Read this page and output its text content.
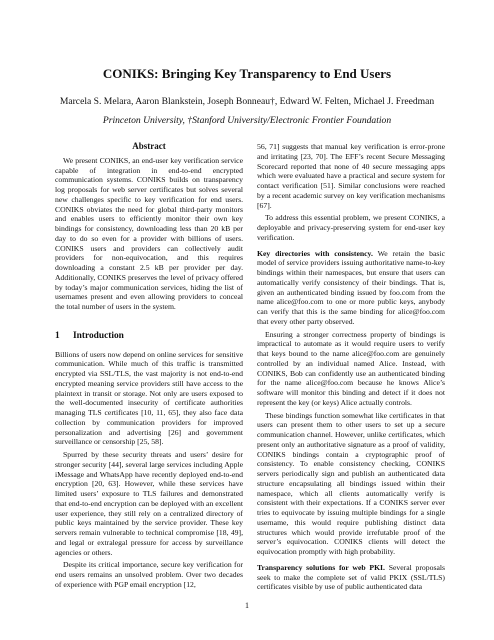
CONIKS: Bringing Key Transparency to End Users
Marcela S. Melara, Aaron Blankstein, Joseph Bonneau†, Edward W. Felten, Michael J. Freedman
Princeton University, †Stanford University/Electronic Frontier Foundation
Abstract

We present CONIKS, an end-user key verification service capable of integration in end-to-end encrypted communication systems. CONIKS builds on transparency log proposals for web server certificates but solves several new challenges specific to key verification for end users. CONIKS obviates the need for global third-party monitors and enables users to efficiently monitor their own key bindings for consistency, downloading less than 20 kB per day to do so even for a provider with billions of users. CONIKS users and providers can collectively audit providers for non-equivocation, and this requires downloading a constant 2.5 kB per provider per day. Additionally, CONIKS preserves the level of privacy offered by today’s major communication services, hiding the list of usernames present and even allowing providers to conceal the total number of users in the system.

1 Introduction

Billions of users now depend on online services for sensitive communication. While much of this traffic is transmitted encrypted via SSL/TLS, the vast majority is not end-to-end encrypted meaning service providers still have access to the plaintext in transit or storage. Not only are users exposed to the well-documented insecurity of certificate authorities managing TLS certificates [10, 11, 65], they also face data collection by communication providers for improved personalization and advertising [26] and government surveillance or censorship [25, 58].

Spurred by these security threats and users’ desire for stronger security [44], several large services including Apple iMessage and WhatsApp have recently deployed end-to-end encryption [20, 63]. However, while these services have limited users’ exposure to TLS failures and demonstrated that end-to-end encryption can be deployed with an excellent user experience, they still rely on a centralized directory of public keys maintained by the service provider. These key servers remain vulnerable to technical compromise [18, 49], and legal or extralegal pressure for access by surveillance agencies or others.

Despite its critical importance, secure key verification for end users remains an unsolved problem. Over two decades of experience with PGP email encryption [12,

56, 71] suggests that manual key verification is error-prone and irritating [23, 70]. The EFF’s recent Secure Messaging Scorecard reported that none of 40 secure messaging apps which were evaluated have a practical and secure system for contact verification [51]. Similar conclusions were reached by a recent academic survey on key verification mechanisms [67].

To address this essential problem, we present CONIKS, a deployable and privacy-preserving system for end-user key verification.

Key directories with consistency. We retain the basic model of service providers issuing authoritative name-to-key bindings within their namespaces, but ensure that users can automatically verify consistency of their bindings. That is, given an authenticated binding issued by foo.com from the name alice@foo.com to one or more public keys, anybody can verify that this is the same binding for alice@foo.com that every other party observed.

Ensuring a stronger correctness property of bindings is impractical to automate as it would require users to verify that keys bound to the name alice@foo.com are genuinely controlled by an individual named Alice. Instead, with CONIKS, Bob can confidently use an authenticated binding for the name alice@foo.com because he knows Alice’s software will monitor this binding and detect if it does not represent the key (or keys) Alice actually controls.

These bindings function somewhat like certificates in that users can present them to other users to set up a secure communication channel. However, unlike certificates, which present only an authoritative signature as a proof of validity, CONIKS bindings contain a cryptographic proof of consistency. To enable consistency checking, CONIKS servers periodically sign and publish an authenticated data structure encapsulating all bindings issued within their namespace, which all clients automatically verify is consistent with their expectations. If a CONIKS server ever tries to equivocate by issuing multiple bindings for a single username, this would require publishing distinct data structures which would provide irrefutable proof of the server’s equivocation. CONIKS clients will detect the equivocation promptly with high probability.

Transparency solutions for web PKI. Several proposals seek to make the complete set of valid PKIX (SSL/TLS) certificates visible by use of public authenticated data

1
